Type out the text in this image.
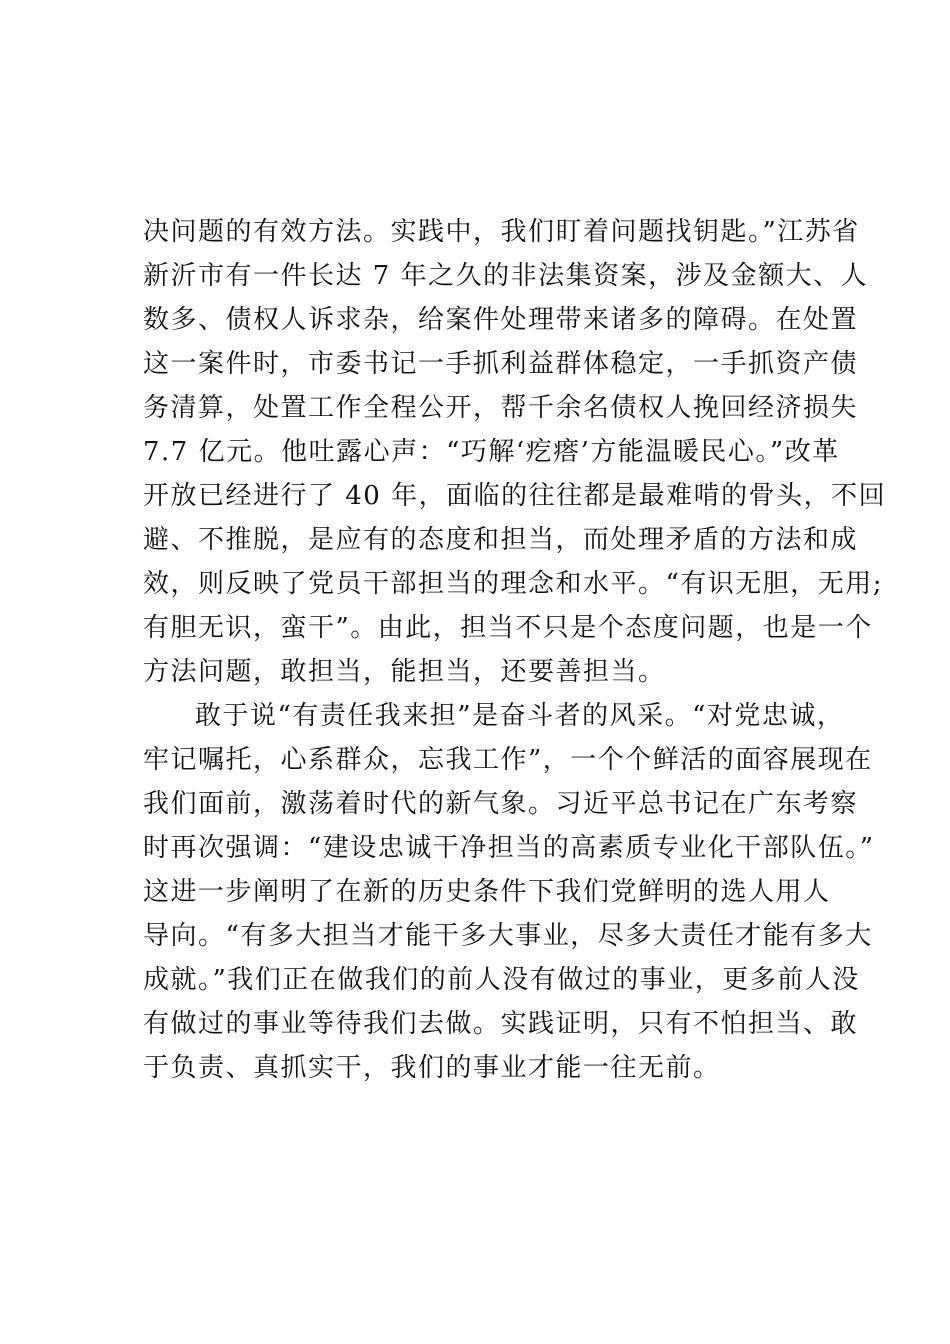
决问题的有效方法。实践中，我们盯着问题找钥匙。”江苏省
新沂市有一件长达 7 年之久的非法集资案，涉及金额大、人
数多、债权人诉求杂，给案件处理带来诸多的障碍。在处置
这一案件时，市委书记一手抓利益群体稳定，一手抓资产债
务清算，处置工作全程公开，帮千余名债权人挽回经济损失
7.7 亿元。他吐露心声：“巧解‘疙瘩’方能温暖民心。”改革
开放已经进行了 40 年，面临的往往都是最难啃的骨头，不回
避、不推脱，是应有的态度和担当，而处理矛盾的方法和成
效，则反映了党员干部担当的理念和水平。“有识无胆，无用;
有胆无识，蛮干”。由此，担当不只是个态度问题，也是一个
方法问题，敢担当，能担当，还要善担当。
敢于说“有责任我来担”是奋斗者的风采。“对党忠诚，
牢记嘱托，心系群众，忘我工作”，一个个鲜活的面容展现在
我们面前，激荡着时代的新气象。习近平总书记在广东考察
时再次强调：“建设忠诚干净担当的高素质专业化干部队伍。”
这进一步阐明了在新的历史条件下我们党鲜明的选人用人
导向。“有多大担当才能干多大事业，尽多大责任才能有多大
成就。”我们正在做我们的前人没有做过的事业，更多前人没
有做过的事业等待我们去做。实践证明，只有不怕担当、敢
于负责、真抓实干，我们的事业才能一往无前。
